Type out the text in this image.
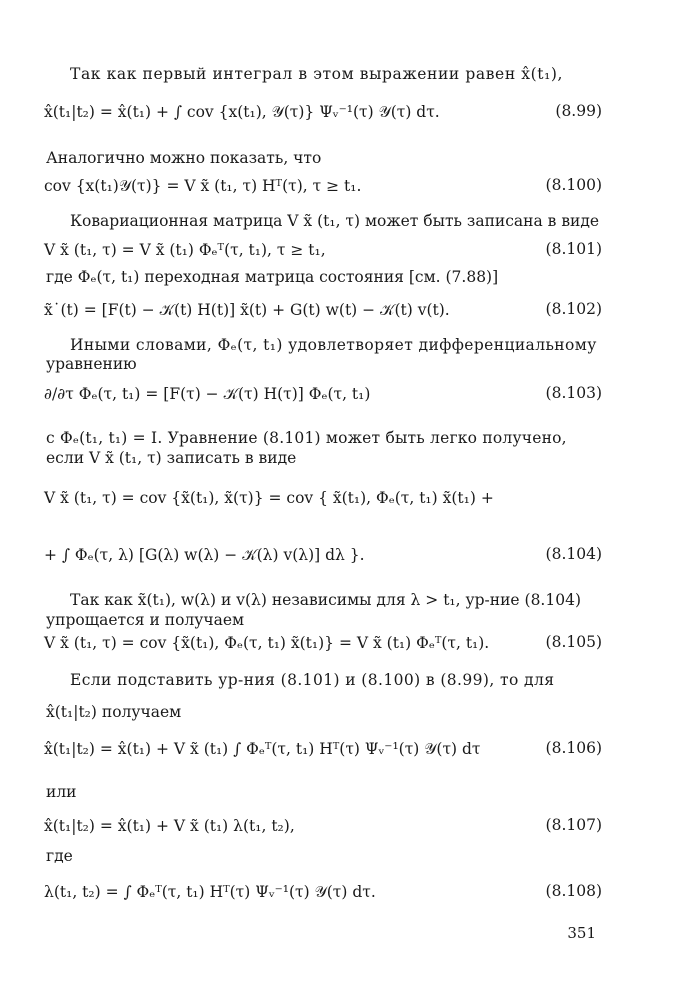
Так как первый интеграл в этом выражении равен x̂(t₁),
x̂(t₁|t₂) = x̂(t₁) + ∫ cov {x(t₁), 𝒴(τ)} Ψᵥ⁻¹(τ) 𝒴(τ) dτ.	(8.99)
Аналогично можно показать, что
cov {x(t₁)𝒴(τ)} = V x̃ (t₁, τ) Hᵀ(τ), τ ≥ t₁.	(8.100)
Ковариационная матрица V x̃ (t₁, τ) может быть записана в виде
V x̃ (t₁, τ) = V x̃ (t₁) Φₑᵀ(τ, t₁), τ ≥ t₁,	(8.101)
где Φₑ(τ, t₁) переходная матрица состояния [см. (7.88)]
x̃˙(t) = [F(t) − 𝒦(t) H(t)] x̃(t) + G(t) w(t) − 𝒦(t) v(t).	(8.102)
Иными словами, Φₑ(τ, t₁) удовлетворяет дифференциальному
уравнению
∂/∂τ Φₑ(τ, t₁) = [F(τ) − 𝒦(τ) H(τ)] Φₑ(τ, t₁)	(8.103)
с Φₑ(t₁, t₁) = I. Уравнение (8.101) может быть легко получено,
если V x̃ (t₁, τ) записать в виде
V x̃ (t₁, τ) = cov {x̃(t₁), x̃(τ)} = cov { x̃(t₁), Φₑ(τ, t₁) x̃(t₁) +
+ ∫ Φₑ(τ, λ) [G(λ) w(λ) − 𝒦(λ) v(λ)] dλ }.	(8.104)
Так как x̃(t₁), w(λ) и v(λ) независимы для λ > t₁, ур-ние (8.104)
упрощается и получаем
V x̃ (t₁, τ) = cov {x̃(t₁), Φₑ(τ, t₁) x̃(t₁)} = V x̃ (t₁) Φₑᵀ(τ, t₁).	(8.105)
Если подставить ур-ния (8.101) и (8.100) в (8.99), то для
x̂(t₁|t₂) получаем
x̂(t₁|t₂) = x̂(t₁) + V x̃ (t₁) ∫ Φₑᵀ(τ, t₁) Hᵀ(τ) Ψᵥ⁻¹(τ) 𝒴(τ) dτ	(8.106)
или
x̂(t₁|t₂) = x̂(t₁) + V x̃ (t₁) λ(t₁, t₂),	(8.107)
где
λ(t₁, t₂) = ∫ Φₑᵀ(τ, t₁) Hᵀ(τ) Ψᵥ⁻¹(τ) 𝒴(τ) dτ.	(8.108)
351
